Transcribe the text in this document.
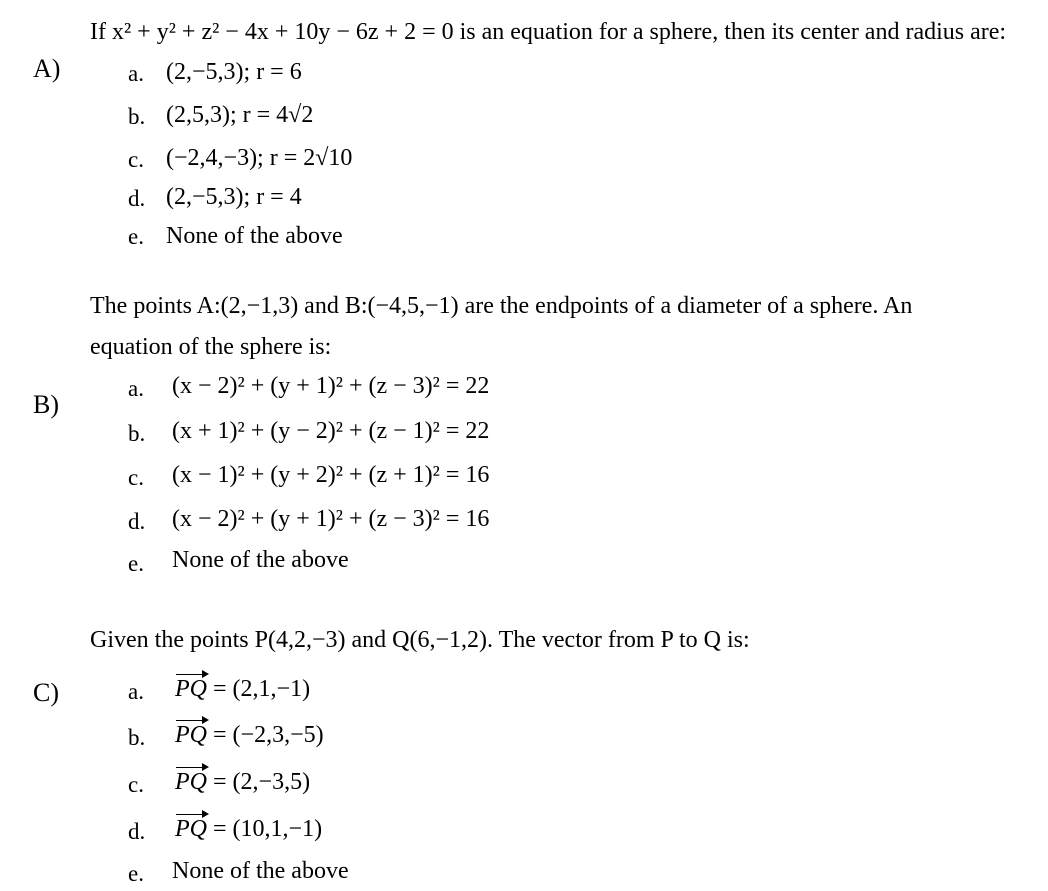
A)
If x² + y² + z² − 4x + 10y − 6z + 2 = 0 is an equation for a sphere, then its center and radius are:
a. (2,−5,3); r = 6
b. (2,5,3); r = 4√2
c. (−2,4,−3); r = 2√10
d. (2,−5,3); r = 4
e. None of the above
B)
The points A:(2,−1,3) and B:(−4,5,−1) are the endpoints of a diameter of a sphere. An
equation of the sphere is:
a. (x − 2)² + (y + 1)² + (z − 3)² = 22
b. (x + 1)² + (y − 2)² + (z − 1)² = 22
c. (x − 1)² + (y + 2)² + (z + 1)² = 16
d. (x − 2)² + (y + 1)² + (z − 3)² = 16
e. None of the above
C)
Given the points P(4,2,−3) and Q(6,−1,2). The vector from P to Q is:
a. PQ = (2,1,−1)
b. PQ = (−2,3,−5)
c. PQ = (2,−3,5)
d. PQ = (10,1,−1)
e. None of the above
